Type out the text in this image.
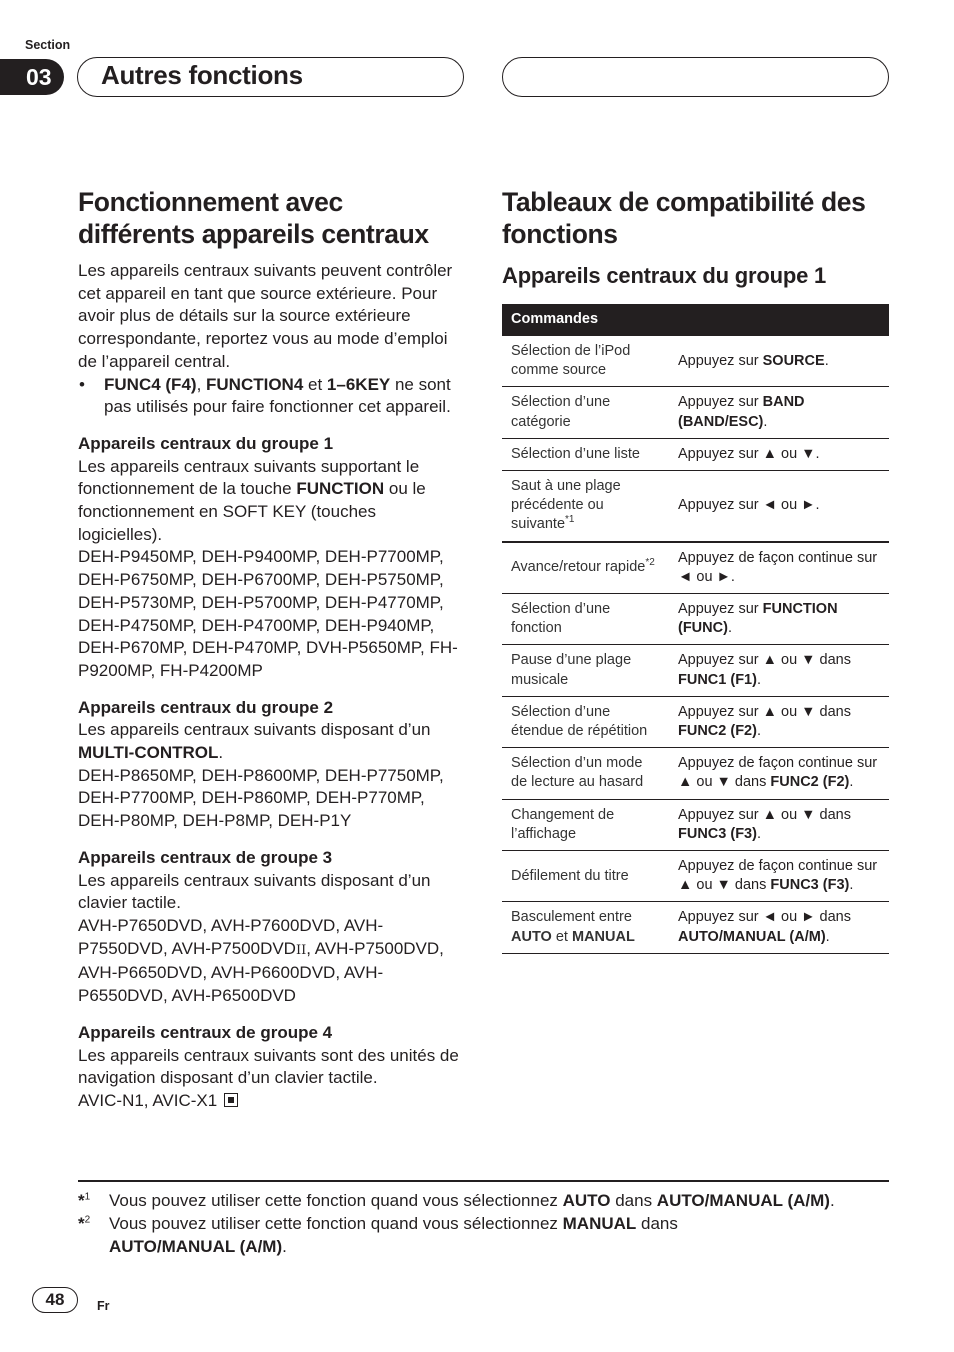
Section
03	Autres fonctions
Fonctionnement avec différents appareils centraux

Les appareils centraux suivants peuvent contrôler cet appareil en tant que source extérieure. Pour avoir plus de détails sur la source extérieure correspondante, reportez vous au mode d’emploi de l’appareil central.

• FUNC4 (F4), FUNCTION4 et 1–6KEY ne sont pas utilisés pour faire fonctionner cet appareil.
Appareils centraux du groupe 1

Les appareils centraux suivants supportant le fonctionnement de la touche FUNCTION ou le fonctionnement en SOFT KEY (touches logicielles).

DEH-P9450MP, DEH-P9400MP, DEH-P7700MP, DEH-P6750MP, DEH-P6700MP, DEH-P5750MP, DEH-P5730MP, DEH-P5700MP, DEH-P4770MP, DEH-P4750MP, DEH-P4700MP, DEH-P940MP, DEH-P670MP, DEH-P470MP, DVH-P5650MP, FH-P9200MP, FH-P4200MP

Appareils centraux du groupe 2

Les appareils centraux suivants disposant d’un MULTI-CONTROL.

DEH-P8650MP, DEH-P8600MP, DEH-P7750MP, DEH-P7700MP, DEH-P860MP, DEH-P770MP, DEH-P80MP, DEH-P8MP, DEH-P1Y

Appareils centraux de groupe 3

Les appareils centraux suivants disposant d’un clavier tactile.

AVH-P7650DVD, AVH-P7600DVD, AVH-P7550DVD, AVH-P7500DVDII, AVH-P7500DVD, AVH-P6650DVD, AVH-P6600DVD, AVH-P6550DVD, AVH-P6500DVD

Appareils centraux de groupe 4

Les appareils centraux suivants sont des unités de navigation disposant d’un clavier tactile.

AVIC-N1, AVIC-X1

Tableaux de compatibilité des fonctions
Appareils centraux du groupe 1
Commandes	
Sélection de l’iPod comme source	Appuyez sur SOURCE.
Sélection d’une catégorie	Appuyez sur BAND (BAND/ESC).
Sélection d’une liste	Appuyez sur ▲ ou ▼.
Saut à une plage précédente ou suivante$^{*1}$	Appuyez sur ◄ ou ►.
Avance/retour rapide$^{*2}$	Appuyez de façon continue sur ◄ ou ►.
Sélection d’une fonction	Appuyez sur FUNCTION (FUNC).
Pause d’une plage musicale	Appuyez sur ▲ ou ▼ dans FUNC1 (F1).
Sélection d’une étendue de répétition	Appuyez sur ▲ ou ▼ dans FUNC2 (F2).
Sélection d’un mode de lecture au hasard	Appuyez de façon continue sur ▲ ou ▼ dans FUNC2 (F2).
Changement de l’affichage	Appuyez sur ▲ ou ▼ dans FUNC3 (F3).
Défilement du titre	Appuyez de façon continue sur ▲ ou ▼ dans FUNC3 (F3).
Basculement entre AUTO et MANUAL	Appuyez sur ◄ ou ► dans AUTO/MANUAL (A/M).
*$^1$ Vous pouvez utiliser cette fonction quand vous sélectionnez AUTO dans AUTO/MANUAL (A/M).
*$^2$ Vous pouvez utiliser cette fonction quand vous sélectionnez MANUAL dans
AUTO/MANUAL (A/M).
48	Fr
